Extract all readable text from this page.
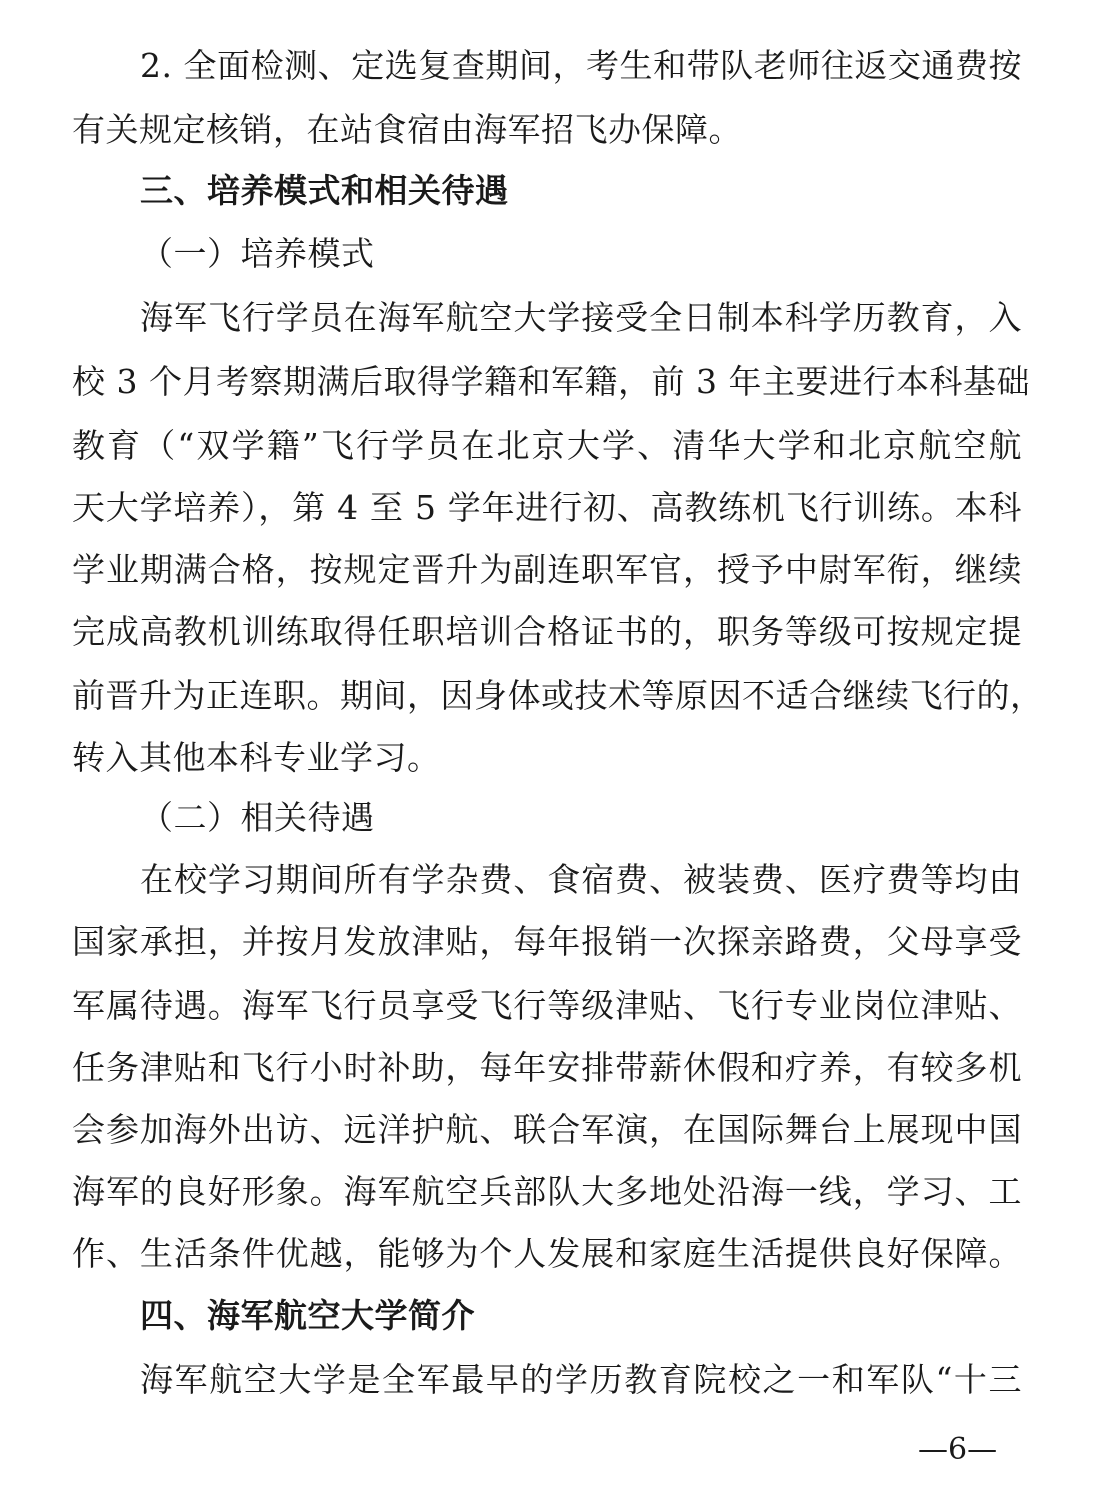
2. 全面检测、定选复查期间，考生和带队老师往返交通费按
有关规定核销，在站食宿由海军招飞办保障。
三、培养模式和相关待遇
（一）培养模式
海军飞行学员在海军航空大学接受全日制本科学历教育，入
校 3 个月考察期满后取得学籍和军籍，前 3 年主要进行本科基础
教育（“双学籍”飞行学员在北京大学、清华大学和北京航空航
天大学培养），第 4 至 5 学年进行初、高教练机飞行训练。本科
学业期满合格，按规定晋升为副连职军官，授予中尉军衔，继续
完成高教机训练取得任职培训合格证书的，职务等级可按规定提
前晋升为正连职。期间，因身体或技术等原因不适合继续飞行的，
转入其他本科专业学习。
（二）相关待遇
在校学习期间所有学杂费、食宿费、被装费、医疗费等均由
国家承担，并按月发放津贴，每年报销一次探亲路费，父母享受
军属待遇。海军飞行员享受飞行等级津贴、飞行专业岗位津贴、
任务津贴和飞行小时补助，每年安排带薪休假和疗养，有较多机
会参加海外出访、远洋护航、联合军演，在国际舞台上展现中国
海军的良好形象。海军航空兵部队大多地处沿海一线，学习、工
作、生活条件优越，能够为个人发展和家庭生活提供良好保障。
四、海军航空大学简介
海军航空大学是全军最早的学历教育院校之一和军队“十三
—6—
